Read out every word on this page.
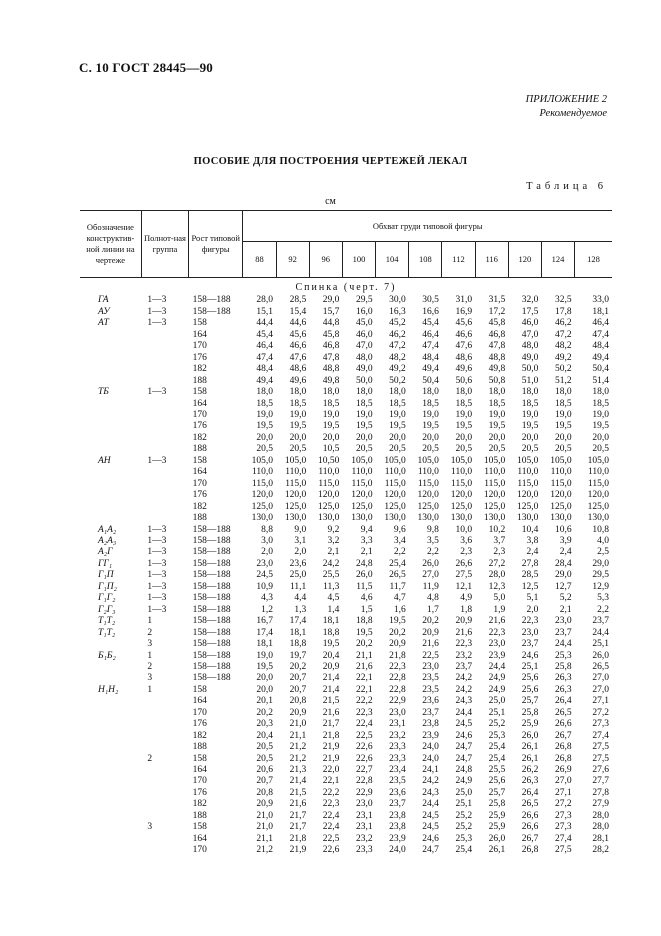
С. 10 ГОСТ 28445—90
ПРИЛОЖЕНИЕ 2
Рекомендуемое
ПОСОБИЕ ДЛЯ ПОСТРОЕНИЯ ЧЕРТЕЖЕЙ ЛЕКАЛ
Таблица 6
см
Обозначение конструктив-ной линии на чертеже	Полнот-ная группа	Рост типовой фигуры	Обхват груди типовой фигуры										
			88	92	96	100	104	108	112	116	120	124	128
Спинка (черт. 7)													
ГА	1—3	158—188	28,0	28,5	29,0	29,5	30,0	30,5	31,0	31,5	32,0	32,5	33,0
АУ	1—3	158—188	15,1	15,4	15,7	16,0	16,3	16,6	16,9	17,2	17,5	17,8	18,1
АТ	1—3	158	44,4	44,6	44,8	45,0	45,2	45,4	45,6	45,8	46,0	46,2	46,4
		164	45,4	45,6	45,8	46,0	46,2	46,4	46,6	46,8	47,0	47,2	47,4
		170	46,4	46,6	46,8	47,0	47,2	47,4	47,6	47,8	48,0	48,2	48,4
		176	47,4	47,6	47,8	48,0	48,2	48,4	48,6	48,8	49,0	49,2	49,4
		182	48,4	48,6	48,8	49,0	49,2	49,4	49,6	49,8	50,0	50,2	50,4
		188	49,4	49,6	49,8	50,0	50,2	50,4	50,6	50,8	51,0	51,2	51,4
ТБ	1—3	158	18,0	18,0	18,0	18,0	18,0	18,0	18,0	18,0	18,0	18,0	18,0
		164	18,5	18,5	18,5	18,5	18,5	18,5	18,5	18,5	18,5	18,5	18,5
		170	19,0	19,0	19,0	19,0	19,0	19,0	19,0	19,0	19,0	19,0	19,0
		176	19,5	19,5	19,5	19,5	19,5	19,5	19,5	19,5	19,5	19,5	19,5
		182	20,0	20,0	20,0	20,0	20,0	20,0	20,0	20,0	20,0	20,0	20,0
		188	20,5	20,5	10,5	20,5	20,5	20,5	20,5	20,5	20,5	20,5	20,5
АН	1—3	158	105,0	105,0	10,50	105,0	105,0	105,0	105,0	105,0	105,0	105,0	105,0
		164	110,0	110,0	110,0	110,0	110,0	110,0	110,0	110,0	110,0	110,0	110,0
		170	115,0	115,0	115,0	115,0	115,0	115,0	115,0	115,0	115,0	115,0	115,0
		176	120,0	120,0	120,0	120,0	120,0	120,0	120,0	120,0	120,0	120,0	120,0
		182	125,0	125,0	125,0	125,0	125,0	125,0	125,0	125,0	125,0	125,0	125,0
		188	130,0	130,0	130,0	130,0	130,0	130,0	130,0	130,0	130,0	130,0	130,0
А₁А₂	1—3	158—188	8,8	9,0	9,2	9,4	9,6	9,8	10,0	10,2	10,4	10,6	10,8
А₂А₃	1—3	158—188	3,0	3,1	3,2	3,3	3,4	3,5	3,6	3,7	3,8	3,9	4,0
А₂Г	1—3	158—188	2,0	2,0	2,1	2,1	2,2	2,2	2,3	2,3	2,4	2,4	2,5
ГГ₁	1—3	158—188	23,0	23,6	24,2	24,8	25,4	26,0	26,6	27,2	27,8	28,4	29,0
Г₁П	1—3	158—188	24,5	25,0	25,5	26,0	26,5	27,0	27,5	28,0	28,5	29,0	29,5
Г₁П₂	1—3	158—188	10,9	11,1	11,3	11,5	11,7	11,9	12,1	12,3	12,5	12,7	12,9
Г₁Г₂	1—3	158—188	4,3	4,4	4,5	4,6	4,7	4,8	4,9	5,0	5,1	5,2	5,3
Г₂Г₃	1—3	158—188	1,2	1,3	1,4	1,5	1,6	1,7	1,8	1,9	2,0	2,1	2,2
Т₁Т₂	1	158—188	16,7	17,4	18,1	18,8	19,5	20,2	20,9	21,6	22,3	23,0	23,7
Т₁Т₂	2	158—188	17,4	18,1	18,8	19,5	20,2	20,9	21,6	22,3	23,0	23,7	24,4
	3	158—188	18,1	18,8	19,5	20,2	20,9	21,6	22,3	23,0	23,7	24,4	25,1
Б₁Б₂	1	158—188	19,0	19,7	20,4	21,1	21,8	22,5	23,2	23,9	24,6	25,3	26,0
	2	158—188	19,5	20,2	20,9	21,6	22,3	23,0	23,7	24,4	25,1	25,8	26,5
	3	158—188	20,0	20,7	21,4	22,1	22,8	23,5	24,2	24,9	25,6	26,3	27,0
Н₁Н₂	1	158	20,0	20,7	21,4	22,1	22,8	23,5	24,2	24,9	25,6	26,3	27,0
		164	20,1	20,8	21,5	22,2	22,9	23,6	24,3	25,0	25,7	26,4	27,1
		170	20,2	20,9	21,6	22,3	23,0	23,7	24,4	25,1	25,8	26,5	27,2
		176	20,3	21,0	21,7	22,4	23,1	23,8	24,5	25,2	25,9	26,6	27,3
		182	20,4	21,1	21,8	22,5	23,2	23,9	24,6	25,3	26,0	26,7	27,4
		188	20,5	21,2	21,9	22,6	23,3	24,0	24,7	25,4	26,1	26,8	27,5
	2	158	20,5	21,2	21,9	22,6	23,3	24,0	24,7	25,4	26,1	26,8	27,5
		164	20,6	21,3	22,0	22,7	23,4	24,1	24,8	25,5	26,2	26,9	27,6
		170	20,7	21,4	22,1	22,8	23,5	24,2	24,9	25,6	26,3	27,0	27,7
		176	20,8	21,5	22,2	22,9	23,6	24,3	25,0	25,7	26,4	27,1	27,8
		182	20,9	21,6	22,3	23,0	23,7	24,4	25,1	25,8	26,5	27,2	27,9
		188	21,0	21,7	22,4	23,1	23,8	24,5	25,2	25,9	26,6	27,3	28,0
	3	158	21,0	21,7	22,4	23,1	23,8	24,5	25,2	25,9	26,6	27,3	28,0
		164	21,1	21,8	22,5	23,2	23,9	24,6	25,3	26,0	26,7	27,4	28,1
		170	21,2	21,9	22,6	23,3	24,0	24,7	25,4	26,1	26,8	27,5	28,2
